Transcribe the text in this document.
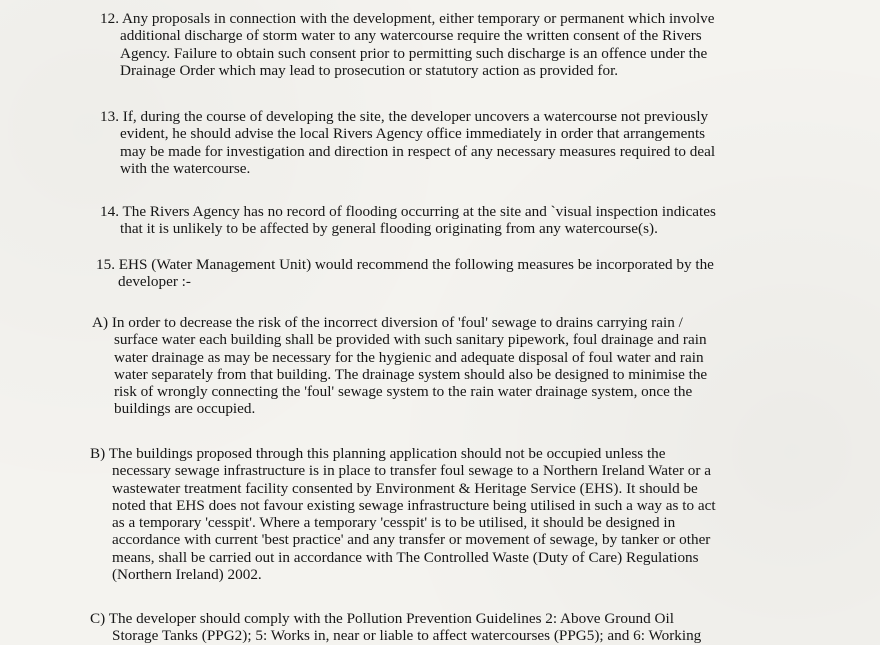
12. Any proposals in connection with the development, either temporary or permanent which involve
additional discharge of storm water to any watercourse require the written consent of the Rivers
Agency. Failure to obtain such consent prior to permitting such discharge is an offence under the
Drainage Order which may lead to prosecution or statutory action as provided for.
13. If, during the course of developing the site, the developer uncovers a watercourse not previously
evident, he should advise the local Rivers Agency office immediately in order that arrangements
may be made for investigation and direction in respect of any necessary measures required to deal
with the watercourse.
14. The Rivers Agency has no record of flooding occurring at the site and `visual inspection indicates
that it is unlikely to be affected by general flooding originating from any watercourse(s).
15. EHS (Water Management Unit) would recommend the following measures be incorporated by the
developer :-
A) In order to decrease the risk of the incorrect diversion of 'foul' sewage to drains carrying rain /
surface water each building shall be provided with such sanitary pipework, foul drainage and rain
water drainage as may be necessary for the hygienic and adequate disposal of foul water and rain
water separately from that building. The drainage system should also be designed to minimise the
risk of wrongly connecting the 'foul' sewage system to the rain water drainage system, once the
buildings are occupied.
B) The buildings proposed through this planning application should not be occupied unless the
necessary sewage infrastructure is in place to transfer foul sewage to a Northern Ireland Water or a
wastewater treatment facility consented by Environment & Heritage Service (EHS). It should be
noted that EHS does not favour existing sewage infrastructure being utilised in such a way as to act
as a temporary 'cesspit'. Where a temporary 'cesspit' is to be utilised, it should be designed in
accordance with current 'best practice' and any transfer or movement of sewage, by tanker or other
means, shall be carried out in accordance with The Controlled Waste (Duty of Care) Regulations
(Northern Ireland) 2002.
C) The developer should comply with the Pollution Prevention Guidelines 2: Above Ground Oil
Storage Tanks (PPG2); 5: Works in, near or liable to affect watercourses (PPG5); and 6: Working
